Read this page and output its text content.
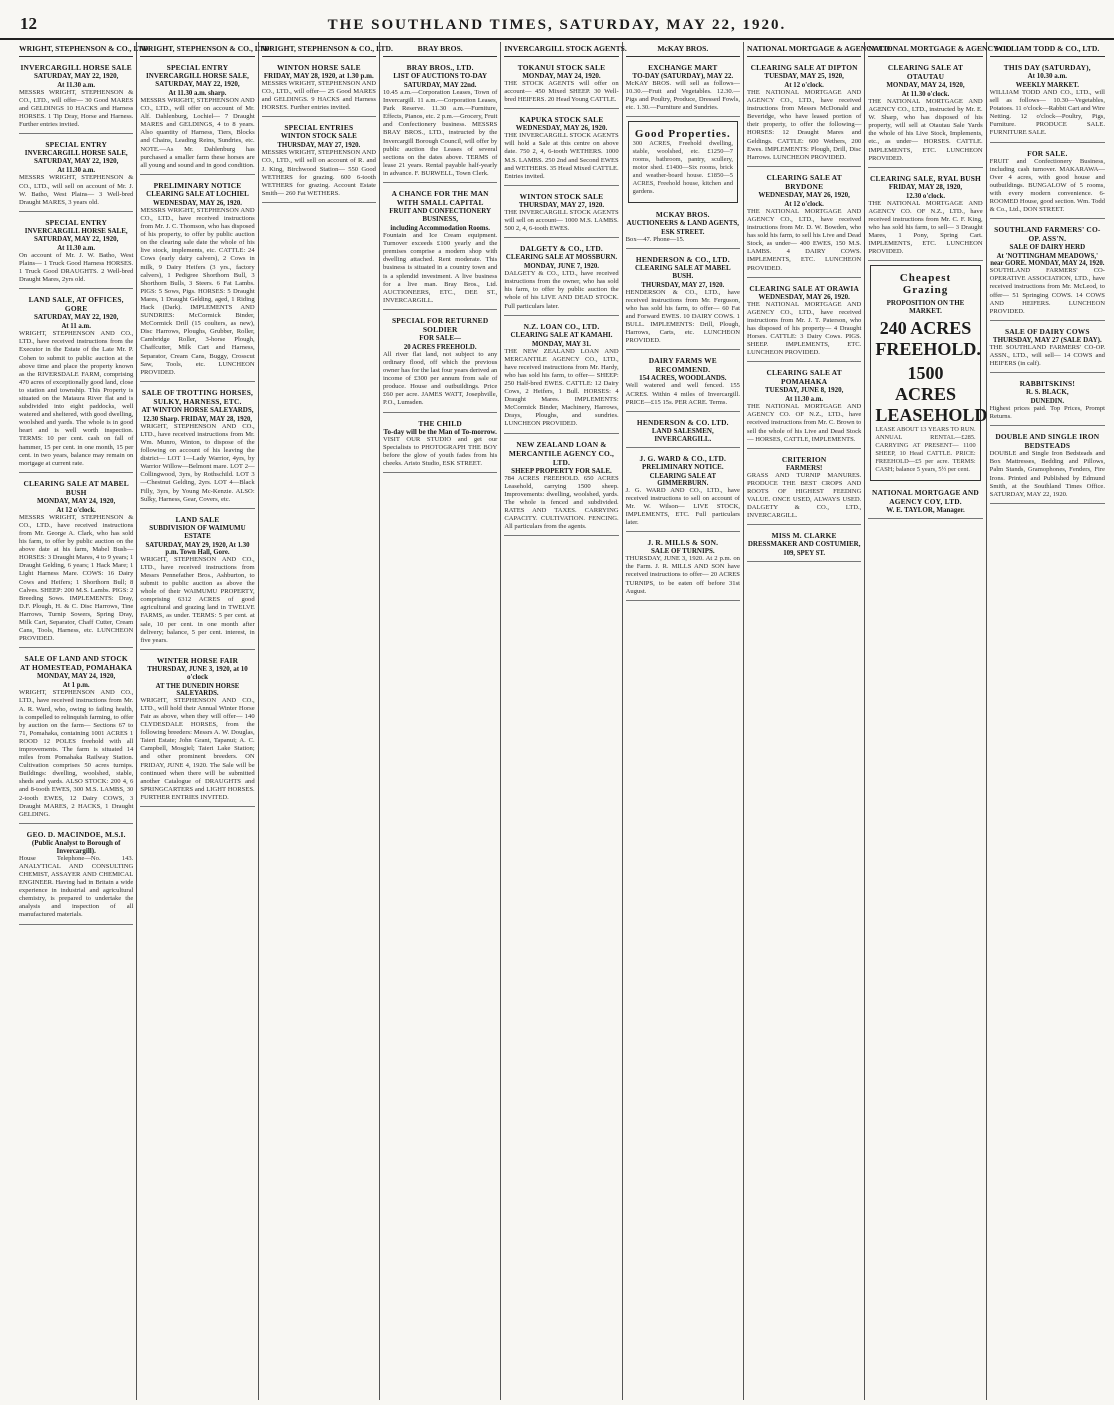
12	THE SOUTHLAND TIMES, SATURDAY, MAY 22, 1920.
WRIGHT, STEPHENSON & CO., LTD.
INVERCARGILL HORSE SALE
SATURDAY, MAY 22, 1920,
At 11.30 a.m.
MESSRS WRIGHT, STEPHENSON & CO., LTD., will offer— 30 Good MARES and GELDINGS 10 HACKS and Harness HORSES. 1 Tip Dray, Horse and Harness. Further entries invited.
SPECIAL ENTRY
INVERCARGILL HORSE SALE, SATURDAY, MAY 22, 1920,
At 11.30 a.m.
MESSRS WRIGHT, STEPHENSON & CO., LTD., will sell on account of Mr. J. W. Batho, West Plains— 3 Well-bred Draught MARES, 3 years old.
SPECIAL ENTRY
INVERCARGILL HORSE SALE, SATURDAY, MAY 22, 1920,
At 11.30 a.m.
On account of Mr. J. W. Batho, West Plains— 1 Truck Good Harness HORSES. 1 Truck Good DRAUGHTS. 2 Well-bred Draught Mares, 2yrs old.
LAND SALE, AT OFFICES, GORE
SATURDAY, MAY 22, 1920,
At 11 a.m.
WRIGHT, STEPHENSON AND CO., LTD., have received instructions from the Executor in the Estate of the Late Mr. P. Cohen to submit to public auction at the above time and place the property known as the RIVERSDALE FARM, comprising 470 acres of exceptionally good land, close to station and township. This Property is situated on the Mataura River flat and is subdivided into eight paddocks, well watered and sheltered, with good dwelling, woolshed and yards. The whole is in good heart and is well worth inspection. TERMS: 10 per cent. cash on fall of hammer, 15 per cent. in one month, 15 per cent. in two years, balance may remain on mortgage at current rate.
CLEARING SALE AT MABEL BUSH
MONDAY, MAY 24, 1920,
At 12 o'clock.
MESSRS WRIGHT, STEPHENSON & CO., LTD., have received instructions from Mr. George A. Clark, who has sold his farm, to offer by public auction on the above date at his farm, Mabel Bush— HORSES: 3 Draught Mares, 4 to 9 years; 1 Draught Gelding, 6 years; 1 Hack Mare; 1 Light Harness Mare. COWS: 16 Dairy Cows and Heifers; 1 Shorthorn Bull; 8 Calves. SHEEP: 200 M.S. Lambs. PIGS: 2 Breeding Sows. IMPLEMENTS: Dray, D.F. Plough, H. & C. Disc Harrows, Tine Harrows, Turnip Sowers, Spring Dray, Milk Cart, Separator, Chaff Cutter, Cream Cans, Tools, Harness, etc. LUNCHEON PROVIDED.
SALE OF LAND AND STOCK AT HOMESTEAD, POMAHAKA
MONDAY, MAY 24, 1920,
At 1 p.m.
WRIGHT, STEPHENSON AND CO., LTD., have received instructions from Mr. A. R. Ward, who, owing to failing health, is compelled to relinquish farming, to offer by auction on the farm— Sections 67 to 71, Pomahaka, containing 1001 ACRES 1 ROOD 12 POLES freehold with all improvements. The farm is situated 14 miles from Pomahaka Railway Station. Cultivation comprises 50 acres turnips. Buildings: dwelling, woolshed, stable, sheds and yards. ALSO STOCK: 200 4, 6 and 8-tooth EWES, 300 M.S. LAMBS, 30 2-tooth EWES, 12 Dairy COWS, 3 Draught MARES, 2 HACKS, 1 Draught GELDING.
GEO. D. MACINDOE, M.S.I.
(Public Analyst to Borough of Invercargill).
House Telephone—No. 143. ANALYTICAL AND CONSULTING CHEMIST, ASSAYER AND CHEMICAL ENGINEER. Having had in Britain a wide experience in industrial and agricultural chemistry, is prepared to undertake the analysis and inspection of all manufactured materials.
WRIGHT, STEPHENSON & CO., LTD.
SPECIAL ENTRY
INVERCARGILL HORSE SALE, SATURDAY, MAY 22, 1920,
At 11.30 a.m. sharp.
MESSRS WRIGHT, STEPHENSON AND CO., LTD., will offer on account of Mr. Alf. Dahlenburg, Lochiel— 7 Draught MARES and GELDINGS, 4 to 8 years. Also quantity of Harness, Tiers, Blocks and Chains, Leading Reins, Sundries, etc. NOTE.—As Mr. Dahlenburg has purchased a smaller farm these horses are all young and sound and in good condition.
PRELIMINARY NOTICE
CLEARING SALE AT LOCHIEL
WEDNESDAY, MAY 26, 1920.
MESSRS WRIGHT, STEPHENSON AND CO., LTD., have received instructions from Mr. J. C. Thomson, who has disposed of his property, to offer by public auction on the clearing sale date the whole of his live stock, implements, etc. CATTLE: 24 Cows (early dairy calvers), 2 Cows in milk, 9 Dairy Heifers (3 yrs., factory calvers), 1 Pedigree Shorthorn Bull, 3 Shorthorn Bulls, 3 Steers. 6 Fat Lambs. PIGS: 5 Sows, Pigs. HORSES: 5 Draught Mares, 1 Draught Gelding, aged, 1 Riding Hack (Dark). IMPLEMENTS AND SUNDRIES: McCormick Binder, McCormick Drill (15 coulters, as new), Disc Harrows, Ploughs, Grubber, Roller, Cambridge Roller, 3-horse Plough, Chaffcutter, Milk Cart and Harness, Separator, Cream Cans, Buggy, Crosscut Saw, Tools, etc. LUNCHEON PROVIDED.
SALE OF TROTTING HORSES, SULKY, HARNESS, ETC.
AT WINTON HORSE SALEYARDS,
12.30 Sharp. FRIDAY, MAY 28, 1920,
WRIGHT, STEPHENSON AND CO., LTD., have received instructions from Mr. Wm. Munro, Winton, to dispose of the following on account of his leaving the district— LOT 1—Lady Warrior, 4yrs, by Warrior Willow—Belmont mare. LOT 2—Collingwood, 3yrs, by Rothschild. LOT 3—Chestnut Gelding, 2yrs. LOT 4—Black Filly, 3yrs, by Young Mc-Kenzie. ALSO: Sulky, Harness, Gear, Covers, etc.
LAND SALE
SUBDIVISION OF WAIMUMU ESTATE
SATURDAY, MAY 29, 1920, At 1.30 p.m. Town Hall, Gore.
WRIGHT, STEPHENSON AND CO., LTD., have received instructions from Messrs Pennefather Bros., Ashburton, to submit to public auction as above the whole of their WAIMUMU PROPERTY, comprising 6312 ACRES of good agricultural and grazing land in TWELVE FARMS, as under. TERMS: 5 per cent. at sale, 10 per cent. in one month after delivery; balance, 5 per cent. interest, in five years.
WINTER HORSE FAIR
THURSDAY, JUNE 3, 1920, at 10 o'clock
AT THE DUNEDIN HORSE SALEYARDS.
WRIGHT, STEPHENSON AND CO., LTD., will hold their Annual Winter Horse Fair as above, when they will offer— 140 CLYDESDALE HORSES, from the following breeders: Messrs A. W. Douglas, Taieri Estate; John Grant, Tapanui; A. C. Campbell, Mosgiel; Taieri Lake Station; and other prominent breeders. ON FRIDAY, JUNE 4, 1920. The Sale will be continued when there will be submitted another Catalogue of DRAUGHTS and SPRINGCARTERS and LIGHT HORSES. FURTHER ENTRIES INVITED.
WRIGHT, STEPHENSON & CO., LTD.
WINTON HORSE SALE
FRIDAY, MAY 28, 1920, at 1.30 p.m.
MESSRS WRIGHT, STEPHENSON AND CO., LTD., will offer— 25 Good MARES and GELDINGS. 9 HACKS and Harness HORSES. Further entries invited.
SPECIAL ENTRIES
WINTON STOCK SALE
THURSDAY, MAY 27, 1920.
MESSRS WRIGHT, STEPHENSON AND CO., LTD., will sell on account of R. and J. King, Birchwood Station— 550 Good WETHERS for grazing. 600 6-tooth WETHERS for grazing. Account Estate Smith— 260 Fat WETHERS.
BRAY BROS.
BRAY BROS., LTD.
LIST OF AUCTIONS TO-DAY
SATURDAY, MAY 22nd.
10.45 a.m.—Corporation Leases, Town of Invercargill. 11 a.m.—Corporation Leases, Park Reserve. 11.30 a.m.—Furniture, Effects, Pianos, etc. 2 p.m.—Grocery, Fruit and Confectionery business. MESSRS BRAY BROS., LTD., instructed by the Invercargill Borough Council, will offer by public auction the Leases of several sections on the dates above. TERMS of lease 21 years. Rental payable half-yearly in advance. F. BURWELL, Town Clerk.
A CHANCE FOR THE MAN WITH SMALL CAPITAL
FRUIT AND CONFECTIONERY BUSINESS,
including Accommodation Rooms.
Fountain and Ice Cream equipment. Turnover exceeds £100 yearly and the premises comprise a modern shop with dwelling attached. Rent moderate. This business is situated in a country town and is a splendid investment. A live business for a live man. Bray Bros., Ltd. AUCTIONEERS, ETC., DEE ST., INVERCARGILL.
SPECIAL FOR RETURNED SOLDIER
FOR SALE—
20 ACRES FREEHOLD.
All river flat land, not subject to any ordinary flood, off which the previous owner has for the last four years derived an income of £300 per annum from sale of produce. House and outbuildings. Price £60 per acre. JAMES WATT, Josephville, P.O., Lumsden.
THE CHILD
To-day will be the Man of To-morrow.
VISIT OUR STUDIO and get our Specialists to PHOTOGRAPH THE BOY before the glow of youth fades from his cheeks. Aristo Studio, ESK STREET.
INVERCARGILL STOCK AGENTS.
TOKANUI STOCK SALE
MONDAY, MAY 24, 1920.
THE STOCK AGENTS will offer on account— 450 Mixed SHEEP. 30 Well-bred HEIFERS. 20 Head Young CATTLE.
KAPUKA STOCK SALE
WEDNESDAY, MAY 26, 1920.
THE INVERCARGILL STOCK AGENTS will hold a Sale at this centre on above date. 750 2, 4, 6-tooth WETHERS. 1000 M.S. LAMBS. 250 2nd and Second EWES and WETHERS. 35 Head Mixed CATTLE. Entries invited.
WINTON STOCK SALE
THURSDAY, MAY 27, 1920.
THE INVERCARGILL STOCK AGENTS will sell on account— 1000 M.S. LAMBS. 500 2, 4, 6-tooth EWES.
DALGETY & CO., LTD.
CLEARING SALE AT MOSSBURN.
MONDAY, JUNE 7, 1920.
DALGETY & CO., LTD., have received instructions from the owner, who has sold his farm, to offer by public auction the whole of his LIVE AND DEAD STOCK. Full particulars later.
N.Z. LOAN CO., LTD.
CLEARING SALE AT KAMAHI.
MONDAY, MAY 31.
THE NEW ZEALAND LOAN AND MERCANTILE AGENCY CO., LTD., have received instructions from Mr. Hardy, who has sold his farm, to offer— SHEEP: 250 Half-bred EWES. CATTLE: 12 Dairy Cows, 2 Heifers, 1 Bull. HORSES: 4 Draught Mares. IMPLEMENTS: McCormick Binder, Machinery, Harrows, Drays, Ploughs, and sundries. LUNCHEON PROVIDED.
NEW ZEALAND LOAN & MERCANTILE AGENCY CO., LTD.
SHEEP PROPERTY FOR SALE.
784 ACRES FREEHOLD. 650 ACRES Leasehold, carrying 1500 sheep. Improvements: dwelling, woolshed, yards. The whole is fenced and subdivided. RATES AND TAXES. CARRYING CAPACITY. CULTIVATION. FENCING. All particulars from the agents.
McKAY BROS.
EXCHANGE MART
TO-DAY (SATURDAY), MAY 22.
McKAY BROS. will sell as follows— 10.30.—Fruit and Vegetables. 12.30.—Pigs and Poultry, Produce, Dressed Fowls, etc. 1.30.—Furniture and Sundries.
Good Properties.
300 ACRES, Freehold dwelling, stable, woolshed, etc. £1250—7 rooms, bathroom, pantry, scullery, motor shed. £1400—Six rooms, brick and weather-board house. £1850—5 ACRES, Freehold house, kitchen and gardens.
MCKAY BROS.
AUCTIONEERS & LAND AGENTS,
ESK STREET.
Box—47. Phone—15.
HENDERSON & CO., LTD.
CLEARING SALE AT MABEL BUSH.
THURSDAY, MAY 27, 1920.
HENDERSON & CO., LTD., have received instructions from Mr. Ferguson, who has sold his farm, to offer— 60 Fat and Forward EWES. 10 DAIRY COWS. 1 BULL. IMPLEMENTS: Drill, Plough, Harrows, Carts, etc. LUNCHEON PROVIDED.
DAIRY FARMS WE RECOMMEND.
154 ACRES, WOODLANDS.
Well watered and well fenced. 155 ACRES. Within 4 miles of Invercargill. PRICE—£15 15s. PER ACRE. Terms.
HENDERSON & CO. LTD.
LAND SALESMEN, INVERCARGILL.
J. G. WARD & CO., LTD.
PRELIMINARY NOTICE.
CLEARING SALE AT GIMMERBURN.
J. G. WARD AND CO., LTD., have received instructions to sell on account of Mr. W. Wilson— LIVE STOCK, IMPLEMENTS, ETC. Full particulars later.
J. R. MILLS & SON.
SALE OF TURNIPS.
THURSDAY, JUNE 3, 1920. At 2 p.m. on the Farm. J. R. MILLS AND SON have received instructions to offer— 20 ACRES TURNIPS, to be eaten off before 31st August.
NATIONAL MORTGAGE & AGENCY CO.
CLEARING SALE AT DIPTON
TUESDAY, MAY 25, 1920,
At 12 o'clock.
THE NATIONAL MORTGAGE AND AGENCY CO., LTD., have received instructions from Messrs McDonald and Beveridge, who have leased portion of their property, to offer the following— HORSES: 12 Draught Mares and Geldings. CATTLE: 600 Wethers, 200 Ewes. IMPLEMENTS: Plough, Drill, Disc Harrows. LUNCHEON PROVIDED.
CLEARING SALE AT BRYDONE
WEDNESDAY, MAY 26, 1920,
At 12 o'clock.
THE NATIONAL MORTGAGE AND AGENCY CO., LTD., have received instructions from Mr. D. W. Bowden, who has sold his farm, to sell his Live and Dead Stock, as under— 400 EWES, 150 M.S. LAMBS. 4 DAIRY COWS. IMPLEMENTS, ETC. LUNCHEON PROVIDED.
CLEARING SALE AT ORAWIA
WEDNESDAY, MAY 26, 1920.
THE NATIONAL MORTGAGE AND AGENCY CO., LTD., have received instructions from Mr. J. T. Paterson, who has disposed of his property— 4 Draught Horses. CATTLE: 3 Dairy Cows. PIGS. SHEEP. IMPLEMENTS, ETC. LUNCHEON PROVIDED.
CLEARING SALE AT POMAHAKA
TUESDAY, JUNE 8, 1920,
At 11.30 a.m.
THE NATIONAL MORTGAGE AND AGENCY CO. OF N.Z., LTD., have received instructions from Mr. C. Brown to sell the whole of his Live and Dead Stock— HORSES, CATTLE, IMPLEMENTS.
CRITERION
FARMERS!
GRASS AND TURNIP MANURES. PRODUCE THE BEST CROPS AND ROOTS OF HIGHEST FEEDING VALUE. ONCE USED, ALWAYS USED. DALGETY & CO., LTD., INVERCARGILL.
MISS M. CLARKE
DRESSMAKER AND COSTUMIER,
109, SPEY ST.
NATIONAL MORTGAGE & AGENCY CO.
CLEARING SALE AT OTAUTAU
MONDAY, MAY 24, 1920,
At 11.30 o'clock.
THE NATIONAL MORTGAGE AND AGENCY CO., LTD., instructed by Mr. E. W. Sharp, who has disposed of his property, will sell at Otautau Sale Yards the whole of his Live Stock, Implements, etc., as under— HORSES. CATTLE. IMPLEMENTS, ETC. LUNCHEON PROVIDED.
CLEARING SALE, RYAL BUSH
FRIDAY, MAY 28, 1920,
12.30 o'clock.
THE NATIONAL MORTGAGE AND AGENCY CO. OF N.Z., LTD., have received instructions from Mr. C. F. King, who has sold his farm, to sell— 3 Draught Mares, 1 Pony, Spring Cart. IMPLEMENTS, ETC. LUNCHEON PROVIDED.
Cheapest Grazing
PROPOSITION ON THE MARKET.
240 ACRES FREEHOLD.
1500 ACRES LEASEHOLD
LEASE ABOUT 13 YEARS TO RUN. ANNUAL RENTAL—£285. CARRYING AT PRESENT— 1100 SHEEP, 10 Head CATTLE. PRICE: FREEHOLD—£5 per acre. TERMS: CASH; balance 5 years, 5½ per cent.
NATIONAL MORTGAGE AND AGENCY COY, LTD.
W. E. TAYLOR, Manager.
WILLIAM TODD & CO., LTD.
THIS DAY (SATURDAY),
At 10.30 a.m.
WEEKLY MARKET.
WILLIAM TODD AND CO., LTD., will sell as follows— 10.30—Vegetables, Potatoes. 11 o'clock—Rabbit Cart and Wire Netting. 12 o'clock—Poultry, Pigs, Furniture. PRODUCE SALE. FURNITURE SALE.
FOR SALE.
FRUIT and Confectionery Business, including cash turnover. MAKARAWA—Over 4 acres, with good house and outbuildings. BUNGALOW of 5 rooms, with every modern convenience. 6-ROOMED House, good section. Wm. Todd & Co., Ltd., DON STREET.
SOUTHLAND FARMERS' CO-OP. ASS'N.
SALE OF DAIRY HERD
At 'NOTTINGHAM MEADOWS,' near GORE. MONDAY, MAY 24, 1920.
SOUTHLAND FARMERS' CO-OPERATIVE ASSOCIATION, LTD., have received instructions from Mr. McLeod, to offer— 51 Springing COWS. 14 COWS AND HEIFERS. LUNCHEON PROVIDED.
SALE OF DAIRY COWS
THURSDAY, MAY 27 (SALE DAY).
THE SOUTHLAND FARMERS' CO-OP. ASSN., LTD., will sell— 14 COWS and HEIFERS (in calf).
RABBITSKINS!
R. S. BLACK,
DUNEDIN.
Highest prices paid. Top Prices, Prompt Returns.
DOUBLE AND SINGLE IRON BEDSTEADS
DOUBLE and Single Iron Bedsteads and Box Mattresses, Bedding and Pillows, Palm Stands, Gramophones, Fenders, Fire Irons. Printed and Published by Edmund Smith, at the Southland Times Office. SATURDAY, MAY 22, 1920.
